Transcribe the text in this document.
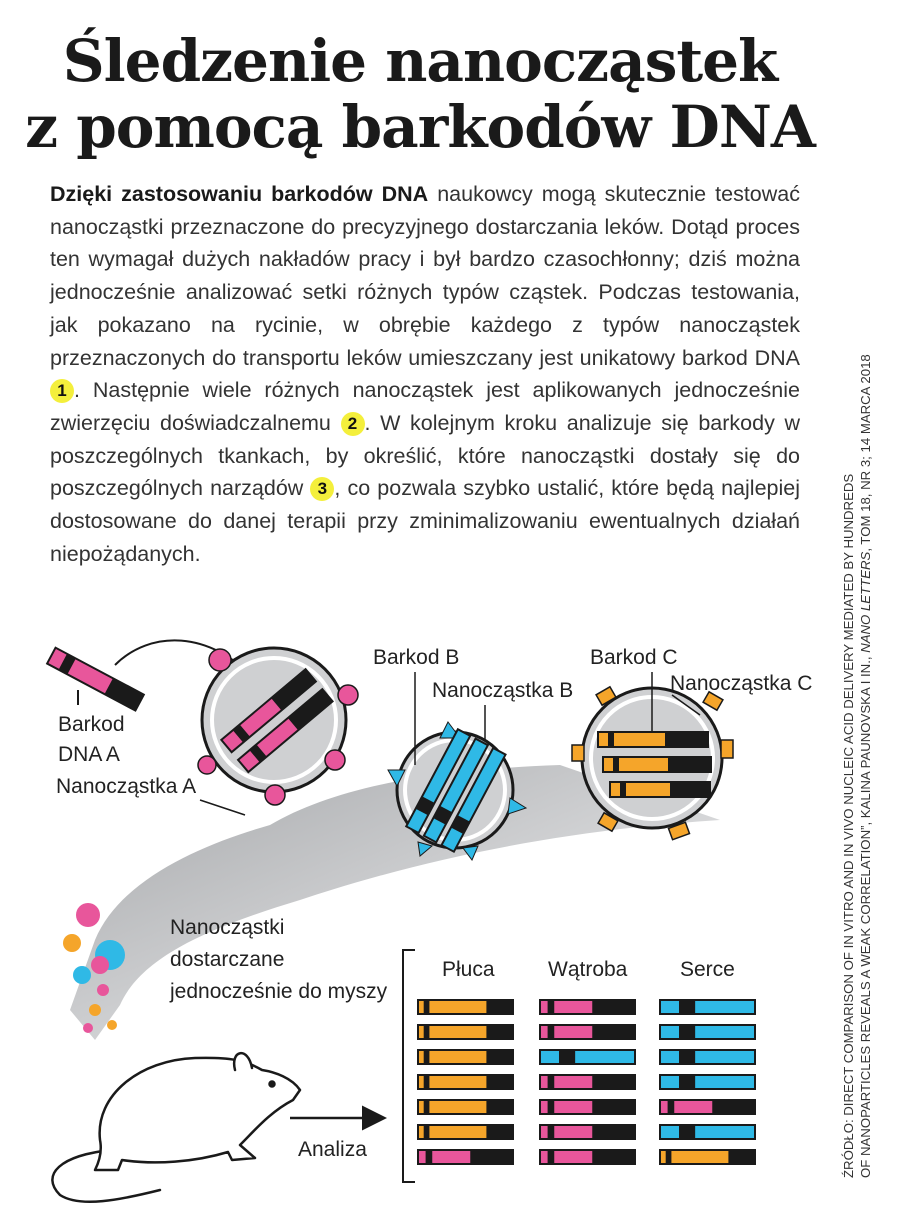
Śledzenie nanocząstek
z pomocą barkodów DNA
Dzięki zastosowaniu barkodów DNA naukowcy mogą skutecznie testować nanocząstki przeznaczone do precyzyjnego dostarczania leków. Dotąd proces ten wymagał dużych nakładów pracy i był bardzo czasochłonny; dziś można jednocześnie analizować setki różnych typów cząstek. Podczas testowania, jak pokazano na rycinie, w obrębie każdego z typów nanocząstek przeznaczonych do transportu leków umieszczany jest unikatowy barkod DNA 1 . Następnie wiele różnych nanocząstek jest aplikowanych jednocześnie zwierzęciu doświadczalnemu 2 . W kolejnym kroku analizuje się barkody w poszczególnych tkankach, by określić, które nanocząstki dostały się do poszczególnych narządów 3 , co pozwala szybko ustalić, które będą najlepiej dostosowane do danej terapii przy zminimalizowaniu ewentualnych działań niepożądanych.
Barkod
DNA A
Nanocząstka A
Barkod B
Nanocząstka B
Barkod C
Nanocząstka C
Nanocząstki
dostarczane
jednocześnie do myszy
Analiza
Płuca	Wątroba	Serce	ŹRÓDŁO: DIRECT COMPARISON OF IN VITRO AND IN VIVO NUCLEIC ACID DELIVERY MEDIATED BY HUNDREDS OF NANOPARTICLES REVEALS A WEAK CORRELATION”, KALINA PAUNOVSKA I IN., NANO LETTERS, TOM 18, NR 3; 14 MARCA 2018
